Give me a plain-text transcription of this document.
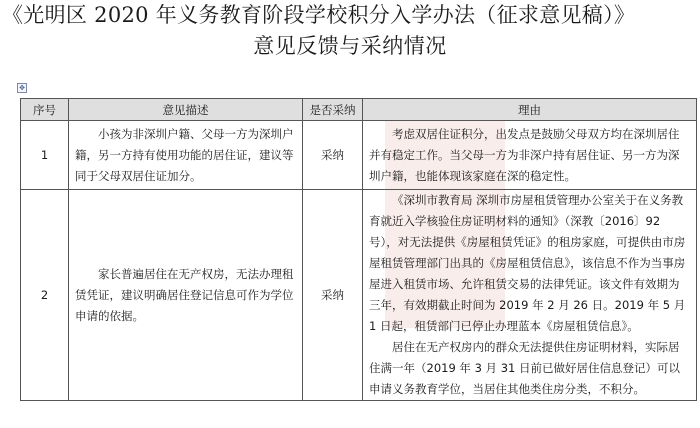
《光明区 2020 年义务教育阶段学校积分入学办法（征求意见稿）》
意见反馈与采纳情况
✥
序号	意见描述	是否采纳	理由
1	小孩为非深圳户籍、父母一方为深圳户籍，另一方持有使用功能的居住证，建议等同于父母双居住证加分。	采纳	考虑双居住证积分，出发点是鼓励父母双方均在深圳居住并有稳定工作。当父母一方为非深户持有居住证、另一方为深圳户籍，也能体现该家庭在深的稳定性。

2	家长普遍居住在无产权房，无法办理租赁凭证，建议明确居住登记信息可作为学位申请的依据。	采纳	《深圳市教育局 深圳市房屋租赁管理办公室关于在义务教育就近入学核验住房证明材料的通知》（深教〔2016〕92 号），对无法提供《房屋租赁凭证》的租房家庭，可提供由市房屋租赁管理部门出具的《房屋租赁信息》，该信息不作为当事房屋进入租赁市场、允许租赁交易的法律凭证。该文件有效期为三年，有效期截止时间为 2019 年 2 月 26 日。2019 年 5 月 1 日起，租赁部门已停止办理蓝本《房屋租赁信息》。

居住在无产权房内的群众无法提供住房证明材料，实际居住满一年（2019 年 3 月 31 日前已做好居住信息登记）可以申请义务教育学位，当居住其他类住房分类，不积分。
